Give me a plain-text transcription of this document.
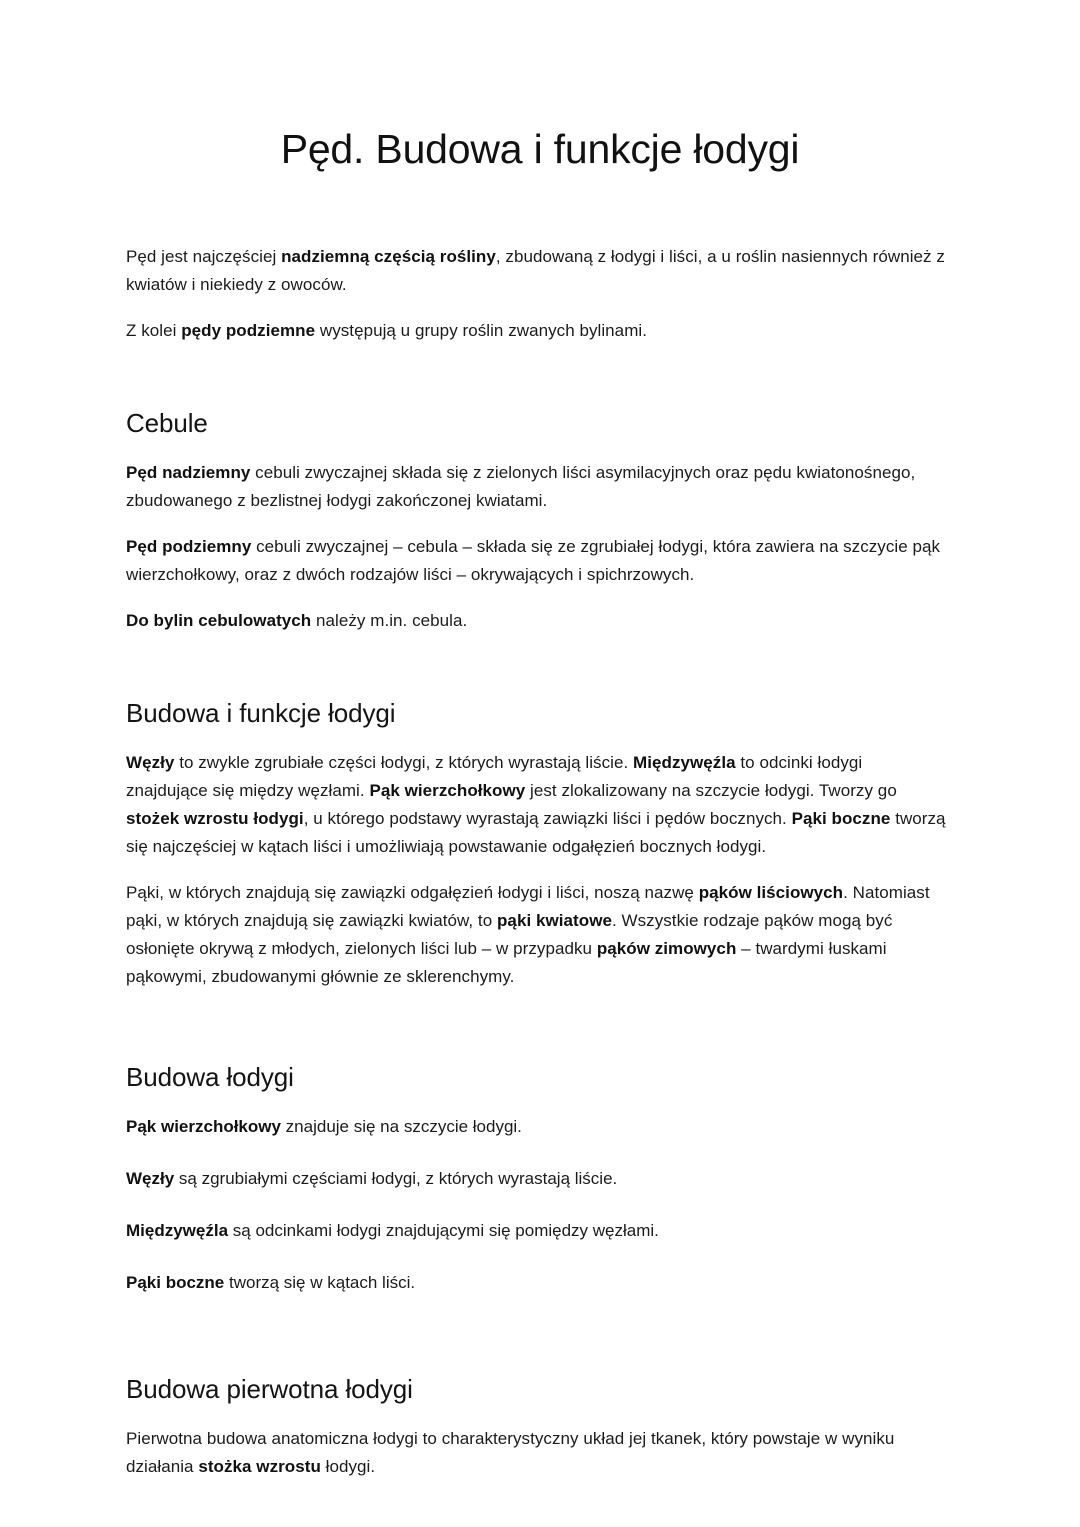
Pęd. Budowa i funkcje łodygi

Pęd jest najczęściej nadziemną częścią rośliny, zbudowaną z łodygi i liści, a u roślin nasiennych również z kwiatów i niekiedy z owoców.

Z kolei pędy podziemne występują u grupy roślin zwanych bylinami.

Cebule

Pęd nadziemny cebuli zwyczajnej składa się z zielonych liści asymilacyjnych oraz pędu kwiatonośnego, zbudowanego z bezlistnej łodygi zakończonej kwiatami.

Pęd podziemny cebuli zwyczajnej – cebula – składa się ze zgrubiałej łodygi, która zawiera na szczycie pąk wierzchołkowy, oraz z dwóch rodzajów liści – okrywających i spichrzowych.

Do bylin cebulowatych należy m.in. cebula.

Budowa i funkcje łodygi

Węzły to zwykle zgrubiałe części łodygi, z których wyrastają liście. Międzywęźla to odcinki łodygi znajdujące się między węzłami. Pąk wierzchołkowy jest zlokalizowany na szczycie łodygi. Tworzy go stożek wzrostu łodygi, u którego podstawy wyrastają zawiązki liści i pędów bocznych. Pąki boczne tworzą się najczęściej w kątach liści i umożliwiają powstawanie odgałęzień bocznych łodygi.

Pąki, w których znajdują się zawiązki odgałęzień łodygi i liści, noszą nazwę pąków liściowych. Natomiast pąki, w których znajdują się zawiązki kwiatów, to pąki kwiatowe. Wszystkie rodzaje pąków mogą być osłonięte okrywą z młodych, zielonych liści lub – w przypadku pąków zimowych – twardymi łuskami pąkowymi, zbudowanymi głównie ze sklerenchymy.

Budowa łodygi

Pąk wierzchołkowy znajduje się na szczycie łodygi.

Węzły są zgrubiałymi częściami łodygi, z których wyrastają liście.

Międzywęźla są odcinkami łodygi znajdującymi się pomiędzy węzłami.

Pąki boczne tworzą się w kątach liści.

Budowa pierwotna łodygi

Pierwotna budowa anatomiczna łodygi to charakterystyczny układ jej tkanek, który powstaje w wyniku działania stożka wzrostu łodygi.
